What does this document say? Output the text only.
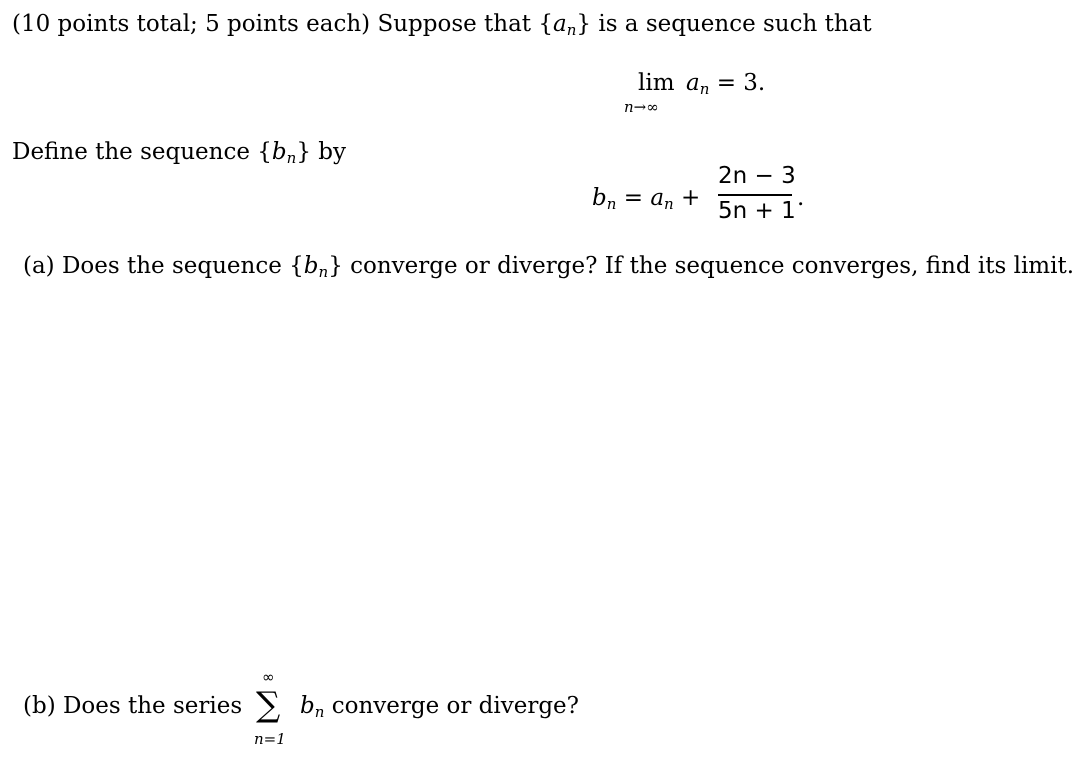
(10 points total; 5 points each) Suppose that {an} is a sequence such that
lim
n→∞
an = 3.
Define the sequence {bn} by
bn = an +
2n − 3
5n + 1 .
(a) Does the sequence {bn} converge or diverge? If the sequence converges, find its limit.
(b) Does the series
∞
∑
n=1
bn converge or diverge?
